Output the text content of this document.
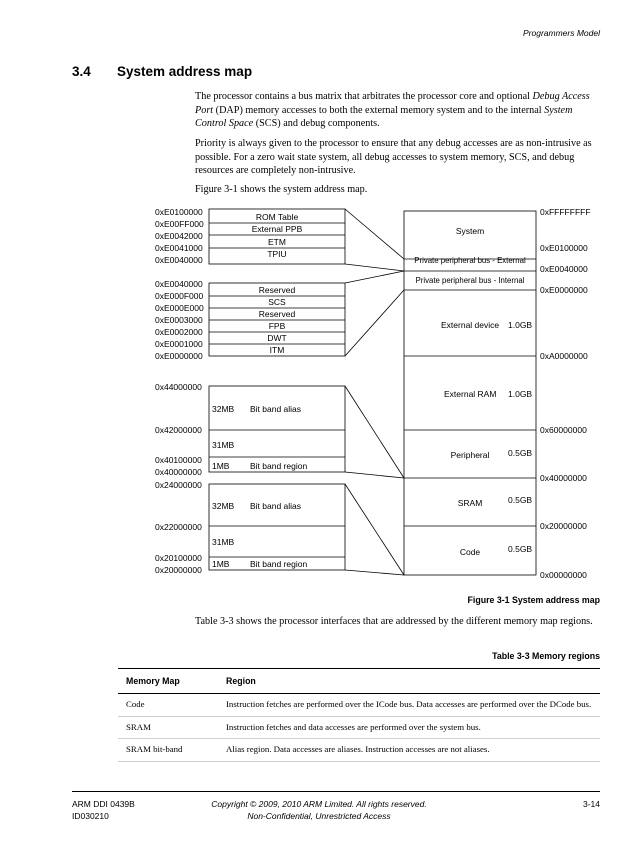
Programmers Model
3.4 System address map
The processor contains a bus matrix that arbitrates the processor core and optional Debug Access Port (DAP) memory accesses to both the external memory system and to the internal System Control Space (SCS) and debug components.
Priority is always given to the processor to ensure that any debug accesses are as non-intrusive as possible. For a zero wait state system, all debug accesses to system memory, SCS, and debug resources are completely non-intrusive.
Figure 3-1 shows the system address map.
0xE0100000
0xE00FF000
0xE0042000
0xE0041000
0xE0040000
ROM Table
External PPB
ETM
TPIU
0xE0040000
0xE000F000
0xE000E000
0xE0003000
0xE0002000
0xE0001000
0xE0000000
Reserved
SCS
Reserved
FPB
DWT
ITM
0x44000000
0x42000000
0x40100000
0x40000000
32MB Bit band alias
31MB
1MB Bit band region
0x24000000
0x22000000
0x20100000
0x20000000
32MB Bit band alias
31MB
1MB Bit band region
System
Private peripheral bus - External
Private peripheral bus - Internal
External device 1.0GB
External RAM 1.0GB
Peripheral 0.5GB
SRAM	0.5GB
Code	0.5GB
0xFFFFFFFF
0xE0100000
0xE0040000
0xE0000000
0xA0000000
0x60000000
0x40000000
0x20000000
0x00000000
Figure 3-1 System address map
Table 3-3 shows the processor interfaces that are addressed by the different memory map regions.
Table 3-3 Memory regions
Memory Map	Region
Code	Instruction fetches are performed over the ICode bus. Data accesses are performed over the DCode bus.
SRAM	Instruction fetches and data accesses are performed over the system bus.
SRAM bit-band	Alias region. Data accesses are aliases. Instruction accesses are not aliases.
ARM DDI 0439B
ID030210
Copyright © 2009, 2010 ARM Limited. All rights reserved.
Non-Confidential, Unrestricted Access
3-14
